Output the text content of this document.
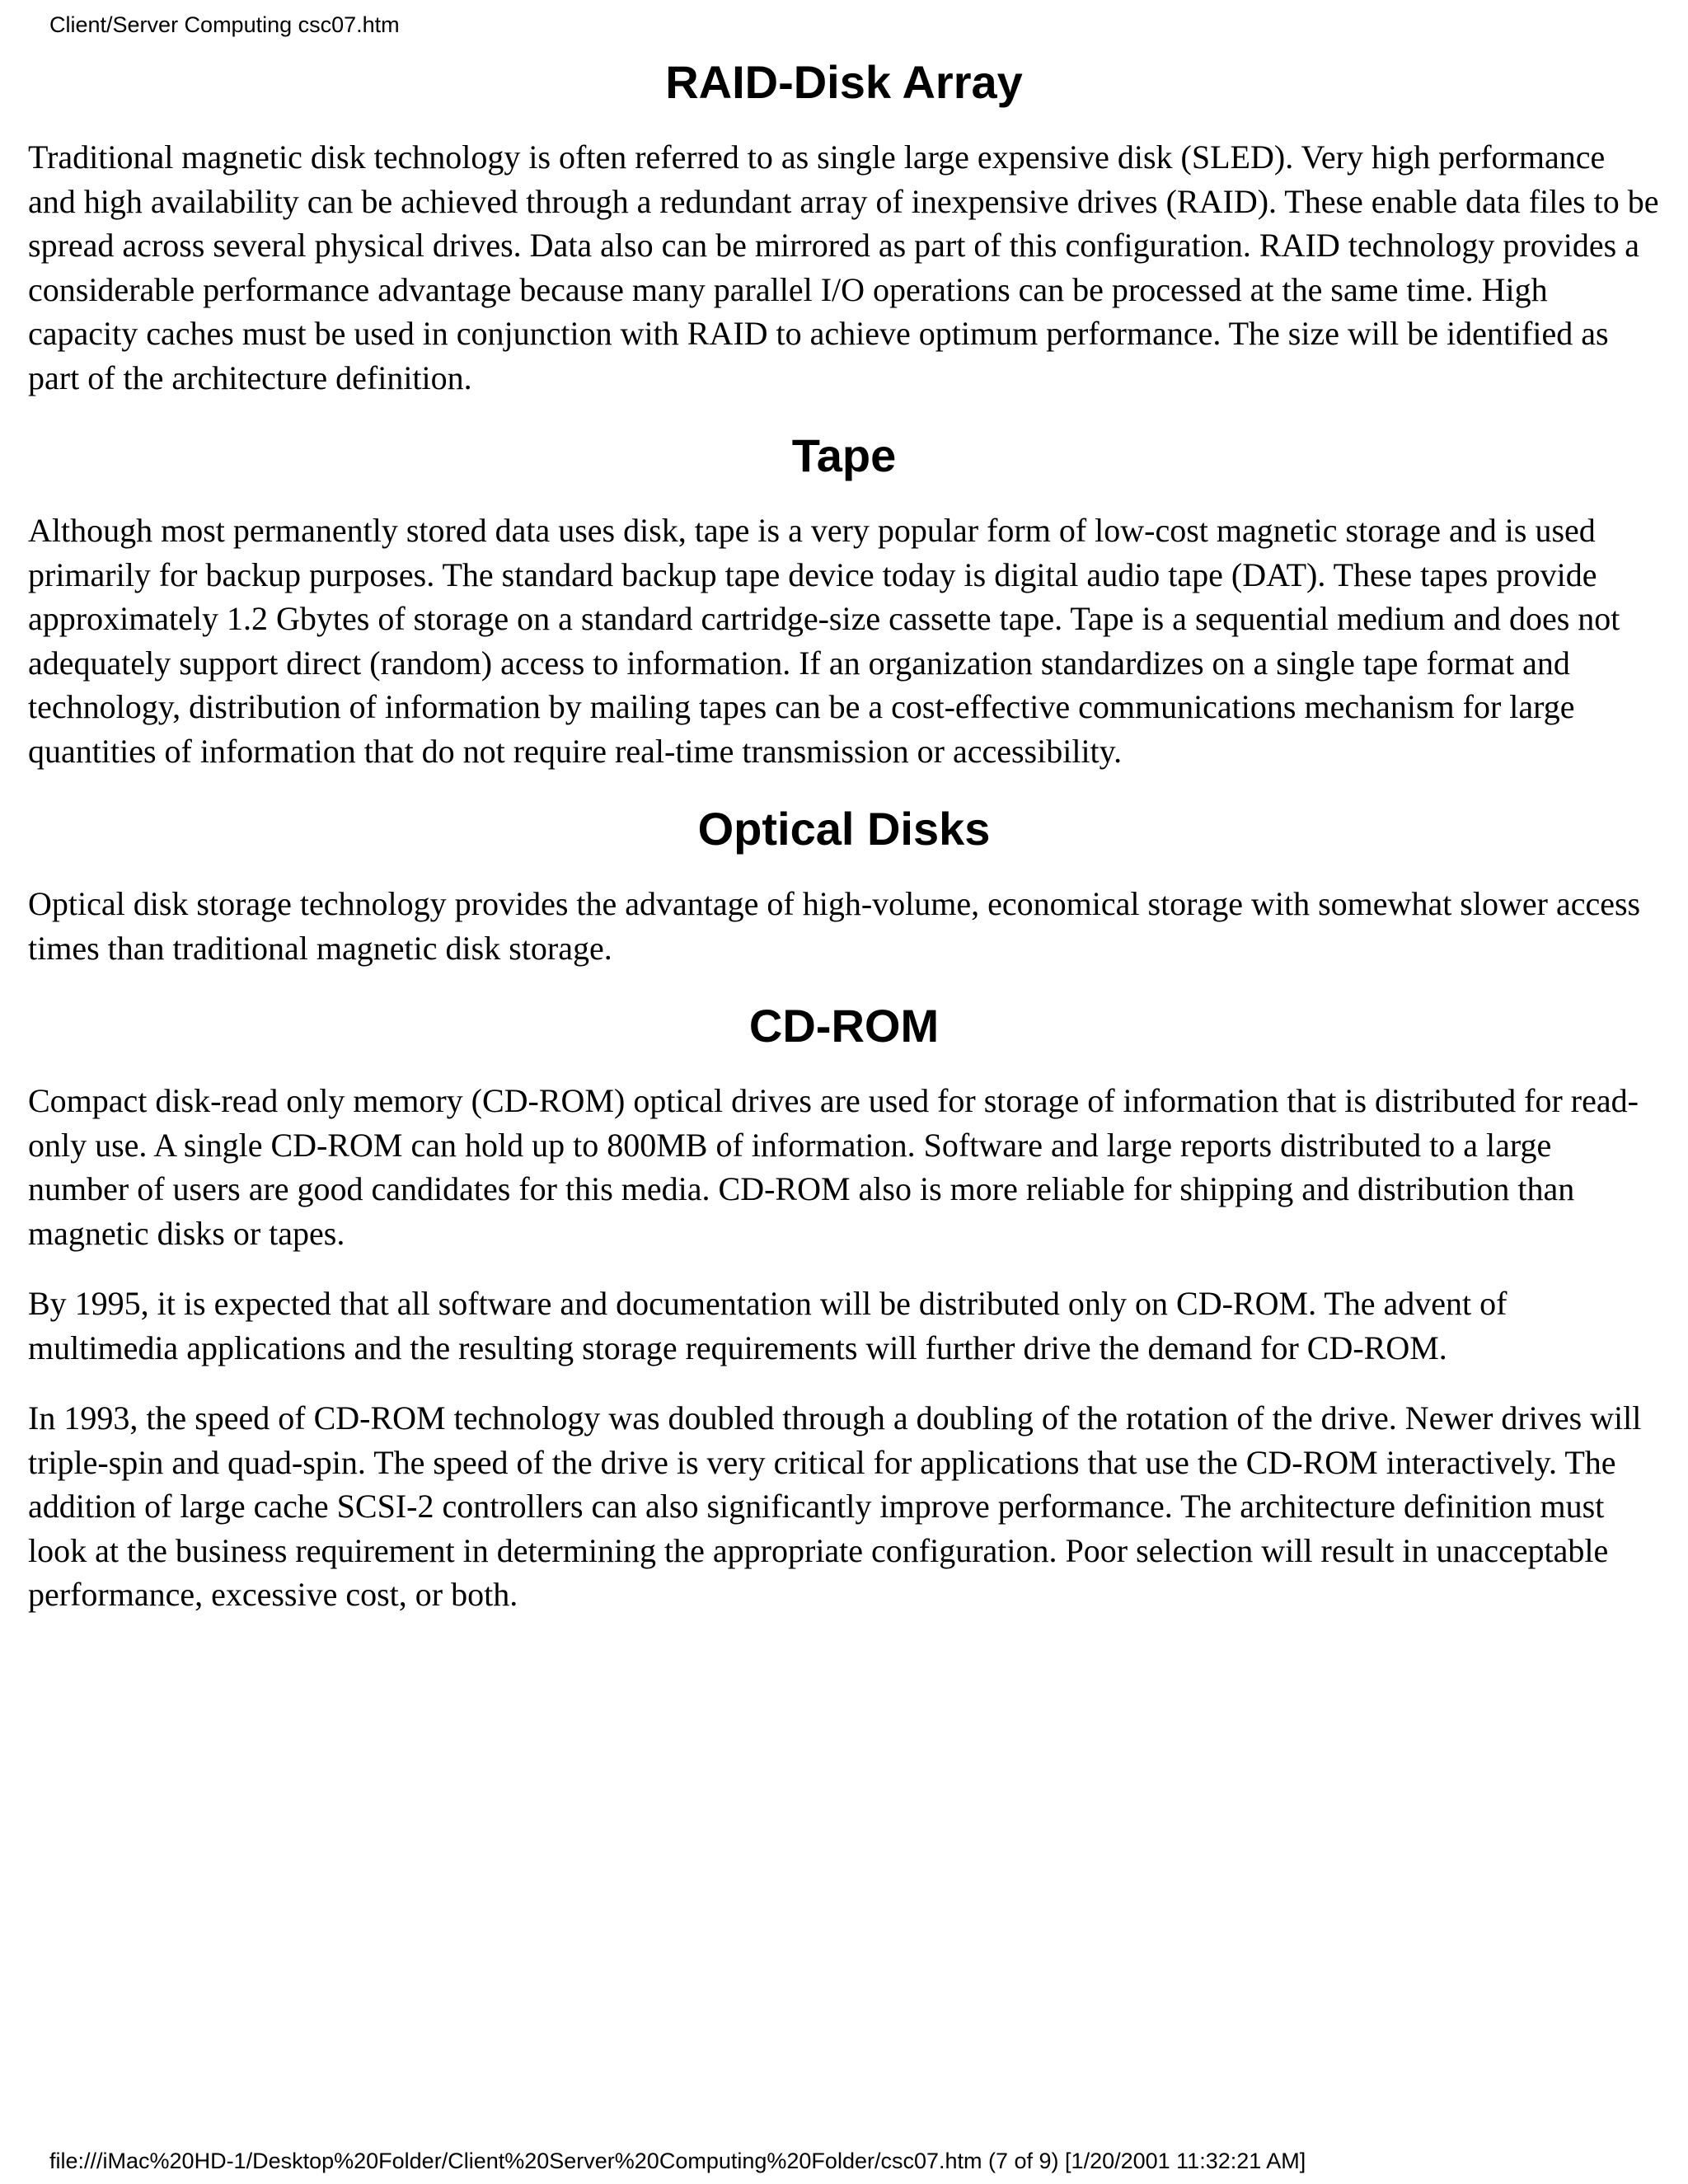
Client/Server Computing csc07.htm
RAID-Disk Array

Traditional magnetic disk technology is often referred to as single large expensive disk (SLED). Very high performance and high availability can be achieved through a redundant array of inexpensive drives (RAID). These enable data files to be spread across several physical drives. Data also can be mirrored as part of this configuration. RAID technology provides a considerable performance advantage because many parallel I/O operations can be processed at the same time. High capacity caches must be used in conjunction with RAID to achieve optimum performance. The size will be identified as part of the architecture definition.

Tape

Although most permanently stored data uses disk, tape is a very popular form of low-cost magnetic storage and is used primarily for backup purposes. The standard backup tape device today is digital audio tape (DAT). These tapes provide approximately 1.2 Gbytes of storage on a standard cartridge-size cassette tape. Tape is a sequential medium and does not adequately support direct (random) access to information. If an organization standardizes on a single tape format and technology, distribution of information by mailing tapes can be a cost-effective communications mechanism for large quantities of information that do not require real-time transmission or accessibility.

Optical Disks

Optical disk storage technology provides the advantage of high-volume, economical storage with somewhat slower access times than traditional magnetic disk storage.

CD-ROM

Compact disk-read only memory (CD-ROM) optical drives are used for storage of information that is distributed for read-only use. A single CD-ROM can hold up to 800MB of information. Software and large reports distributed to a large number of users are good candidates for this media. CD-ROM also is more reliable for shipping and distribution than magnetic disks or tapes.

By 1995, it is expected that all software and documentation will be distributed only on CD-ROM. The advent of multimedia applications and the resulting storage requirements will further drive the demand for CD-ROM.

In 1993, the speed of CD-ROM technology was doubled through a doubling of the rotation of the drive. Newer drives will triple-spin and quad-spin. The speed of the drive is very critical for applications that use the CD-ROM interactively. The addition of large cache SCSI-2 controllers can also significantly improve performance. The architecture definition must look at the business requirement in determining the appropriate configuration. Poor selection will result in unacceptable performance, excessive cost, or both.

file:///iMac%20HD-1/Desktop%20Folder/Client%20Server%20Computing%20Folder/csc07.htm (7 of 9) [1/20/2001 11:32:21 AM]
